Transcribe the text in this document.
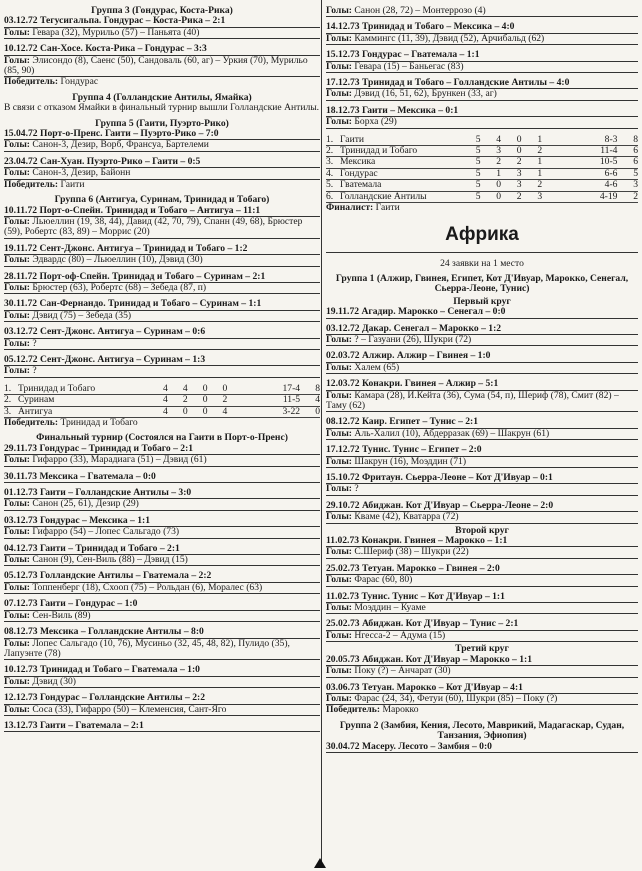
Группа 3 (Гондурас, Коста-Рика)
03.12.72 Тегусигальпа. Гондурас – Коста-Рика – 2:1
Голы: Гевара (32), Мурильо (57) – Паньята (40)
10.12.72 Сан-Хосе. Коста-Рика – Гондурас – 3:3
Голы: Элисондо (8), Саенс (50), Сандоваль (60, аг) – Уркия (70), Мурильо (85, 90)
Победитель: Гондурас
Группа 4 (Голландские Антилы, Ямайка)
В связи с отказом Ямайки в финальный турнир вышли Голландские Антилы.
Группа 5 (Гаити, Пуэрто-Рико)
15.04.72 Порт-о-Пренс. Гаити – Пуэрто-Рико – 7:0
Голы: Санон-3, Дезир, Ворб, Франсуа, Бартелеми
23.04.72 Сан-Хуан. Пуэрто-Рико – Гаити – 0:5
Голы: Санон-3, Дезир, Байонн
Победитель: Гаити
Группа 6 (Антигуа, Суринам, Тринидад и Тобаго)
10.11.72 Порт-о-Спейн. Тринидад и Тобаго – Антигуа – 11:1
Голы: Льюеллин (19, 38, 44), Давид (42, 70, 79), Спанн (49, 68), Брюстер (59), Робертс (83, 89) – Моррис (20)
19.11.72 Сент-Джонс. Антигуа – Тринидад и Тобаго – 1:2
Голы: Эдвардс (80) – Льюеллин (10), Дэвид (30)
28.11.72 Порт-оф-Спейн. Тринидад и Тобаго – Суринам – 2:1
Голы: Брюстер (63), Робертс (68) – Зебеда (87, п)
30.11.72 Сан-Фернандо. Тринидад и Тобаго – Суринам – 1:1
Голы: Дэвид (75) – Зебеда (35)
03.12.72 Сент-Джонс. Антигуа – Суринам – 0:6
Голы: ?
05.12.72 Сент-Джонс. Антигуа – Суринам – 1:3
Голы: ?
1.	Тринидад и Тобаго	4	4	0	0	17-4	8
2.	Суринам	4	2	0	2	11-5	4
3.	Антигуа	4	0	0	4	3-22	0
Победитель: Тринидад и Тобаго
Финальный турнир (Состоялся на Гаити в Порт-о-Пренс)
29.11.73 Гондурас – Тринидад и Тобаго – 2:1
Голы: Гифарро (33), Марадиага (51) – Дэвид (61)
30.11.73 Мексика – Гватемала – 0:0
01.12.73 Гаити – Голландские Антилы – 3:0
Голы: Санон (25, 61), Дезир (29)
03.12.73 Гондурас – Мексика – 1:1
Голы: Гифарро (54) – Лопес Сальгадо (73)
04.12.73 Гаити – Тринидад и Тобаго – 2:1
Голы: Санон (9), Сен-Виль (88) – Дэвид (15)
05.12.73 Голландские Антилы – Гватемала – 2:2
Голы: Топпенберг (18), Схооп (75) – Рольдан (6), Моралес (63)
07.12.73 Гаити – Гондурас – 1:0
Голы: Сен-Виль (89)
08.12.73 Мексика – Голландские Антилы – 8:0
Голы: Лопес Сальгадо (10, 76), Мусиньо (32, 45, 48, 82), Пулидо (35), Лапуэнте (78)
10.12.73 Тринидад и Тобаго – Гватемала – 1:0
Голы: Дэвид (30)
12.12.73 Гондурас – Голландские Антилы – 2:2
Голы: Соса (33), Гифарро (50) – Клеменсия, Сант-Яго
13.12.73 Гаити – Гватемала – 2:1
Голы: Санон (28, 72) – Монтеррозо (4)
14.12.73 Тринидад и Тобаго – Мексика – 4:0
Голы: Каммингс (11, 39), Дэвид (52), Арчибальд (62)
15.12.73 Гондурас – Гватемала – 1:1
Голы: Гевара (15) – Баньегас (83)
17.12.73 Тринидад и Тобаго – Голландские Антилы – 4:0
Голы: Дэвид (16, 51, 62), Брункен (33, аг)
18.12.73 Гаити – Мексика – 0:1
Голы: Борха (29)
1.	Гаити	5	4	0	1	8-3	8
2.	Тринидад и Тобаго	5	3	0	2	11-4	6
3.	Мексика	5	2	2	1	10-5	6
4.	Гондурас	5	1	3	1	6-6	5
5.	Гватемала	5	0	3	2	4-6	3
6.	Голландские Антилы	5	0	2	3	4-19	2
Финалист: Гаити
Африка
24 заявки на 1 место
Группа 1 (Алжир, Гвинея, Египет, Кот Д'Ивуар, Марокко, Сенегал, Сьерра-Леоне, Тунис)
Первый круг
19.11.72 Агадир. Марокко – Сенегал – 0:0
03.12.72 Дакар. Сенегал – Марокко – 1:2
Голы: ? – Газуани (26), Шукри (72)
02.03.72 Алжир. Алжир – Гвинея – 1:0
Голы: Халем (65)
12.03.72 Конакри. Гвинея – Алжир – 5:1
Голы: Камара (28), И.Кейта (36), Сума (54, п), Шериф (78), Смит (82) – Таму (62)
08.12.72 Каир. Египет – Тунис – 2:1
Голы: Аль-Халил (10), Абдерразак (69) – Шакрун (61)
17.12.72 Тунис. Тунис – Египет – 2:0
Голы: Шакрун (16), Моэддин (71)
15.10.72 Фритаун. Сьерра-Леоне – Кот Д'Ивуар – 0:1
Голы: ?
29.10.72 Абиджан. Кот Д'Ивуар – Сьерра-Леоне – 2:0
Голы: Кваме (42), Кватарра (72)
Второй круг
11.02.73 Конакри. Гвинея – Марокко – 1:1
Голы: С.Шериф (38) – Шукри (22)
25.02.73 Тетуан. Марокко – Гвинея – 2:0
Голы: Фарас (60, 80)
11.02.73 Тунис. Тунис – Кот Д'Ивуар – 1:1
Голы: Моэддин – Куаме
25.02.73 Абиджан. Кот Д'Ивуар – Тунис – 2:1
Голы: Нгесса-2 – Адума (15)
Третий круг
20.05.73 Абиджан. Кот Д'Ивуар – Марокко – 1:1
Голы: Поку (?) – Анчарат (30)
03.06.73 Тетуан. Марокко – Кот Д'Ивуар – 4:1
Голы: Фарас (24, 34), Фетуи (60), Шукри (85) – Поку (?)
Победитель: Марокко
Группа 2 (Замбия, Кения, Лесото, Маврикий, Мадагаскар, Судан, Танзания, Эфиопия)
30.04.72 Масеру. Лесото – Замбия – 0:0
